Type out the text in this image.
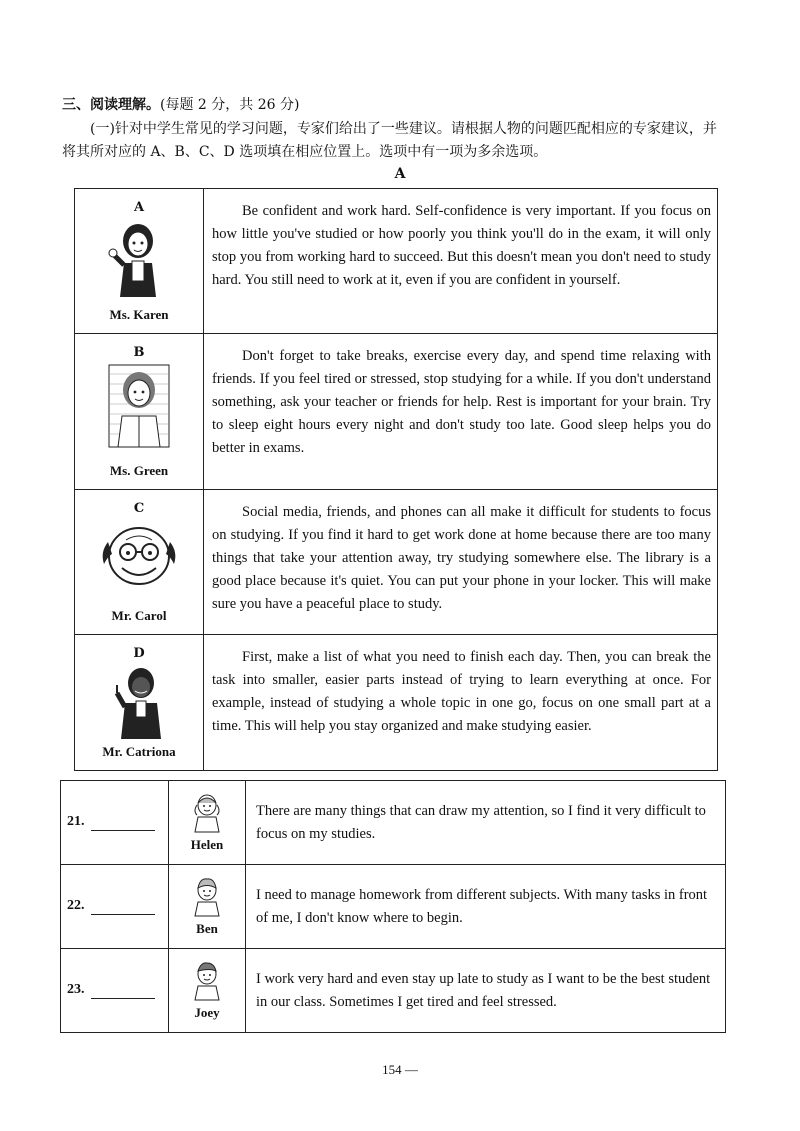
三、阅读理解。(每题 2 分，共 26 分)
(一)针对中学生常见的学习问题，专家们给出了一些建议。请根据人物的问题匹配相应的专家建议，并将其所对应的 A、B、C、D 选项填在相应位置上。选项中有一项为多余选项。
A
A
Ms. Karen	Be confident and work hard. Self-confidence is very important. If you focus on how little you've studied or how poorly you think you'll do in the exam, it will only stop you from working hard to succeed. But this doesn't mean you don't need to study hard. You still need to work at it, even if you are confident in yourself.

B
Ms. Green	Don't forget to take breaks, exercise every day, and spend time relaxing with friends. If you feel tired or stressed, stop studying for a while. If you don't understand something, ask your teacher or friends for help. Rest is important for your brain. Try to sleep eight hours every night and don't study too late. Good sleep helps you do better in exams.

C
Mr. Carol	Social media, friends, and phones can all make it difficult for students to focus on studying. If you find it hard to get work done at home because there are too many things that take your attention away, try studying somewhere else. The library is a good place because it's quiet. You can put your phone in your locker. This will make sure you have a peaceful place to study.

D
Mr. Catriona	First, make a list of what you need to finish each day. Then, you can break the task into smaller, easier parts instead of trying to learn everything at once. For example, instead of studying a whole topic in one go, focus on one small part at a time. This will help you stay organized and make studying easier.

21.	Helen	There are many things that can draw my attention, so I find it very difficult to focus on my studies.
22.	Ben	I need to manage homework from different subjects. With many tasks in front of me, I don't know where to begin.
23.	Joey	I work very hard and even stay up late to study as I want to be the best student in our class. Sometimes I get tired and feel stressed.
154 —
